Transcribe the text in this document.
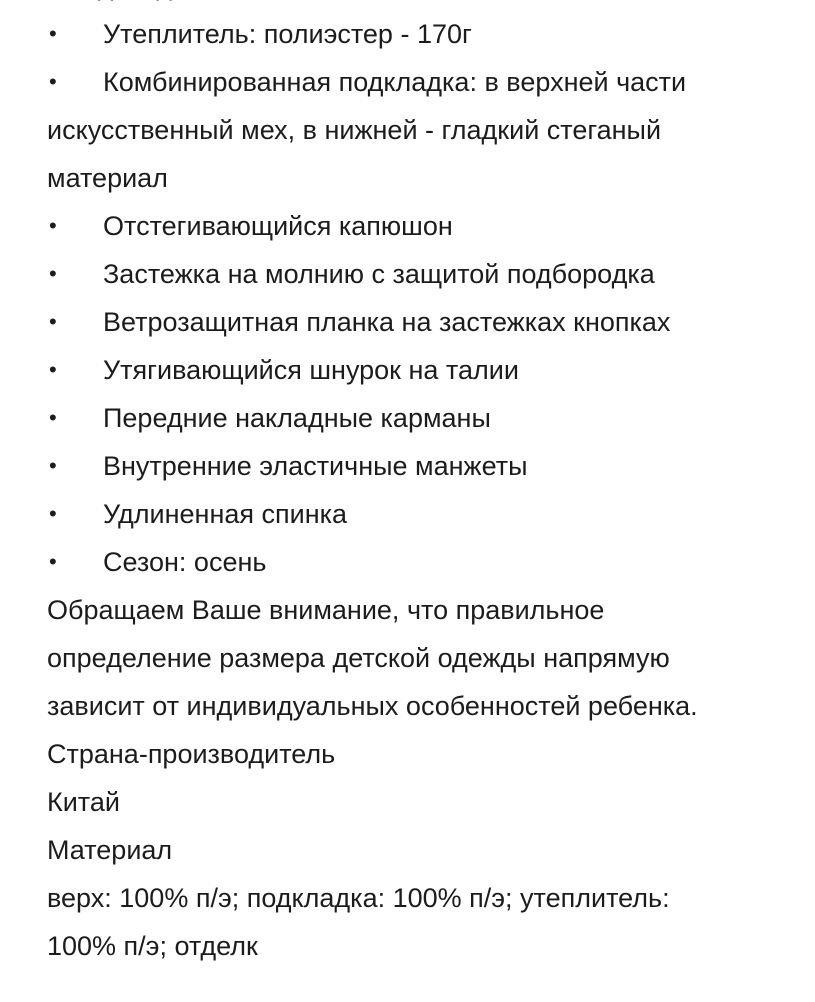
•	Утеплитель: полиэстер - 170г
•	Комбинированная подкладка: в верхней части
искусственный мех, в нижней - гладкий стеганый
материал
•	Отстегивающийся капюшон
•	Застежка на молнию с защитой подбородка
•	Ветрозащитная планка на застежках кнопках
•	Утягивающийся шнурок на талии
•	Передние накладные карманы
•	Внутренние эластичные манжеты
•	Удлиненная спинка
•	Сезон: осень
Обращаем Ваше внимание, что правильное
определение размера детской одежды напрямую
зависит от индивидуальных особенностей ребенка.
Страна-производитель
Китай
Материал
верх: 100% п/э; подкладка: 100% п/э; утеплитель:
100% п/э; отделк
